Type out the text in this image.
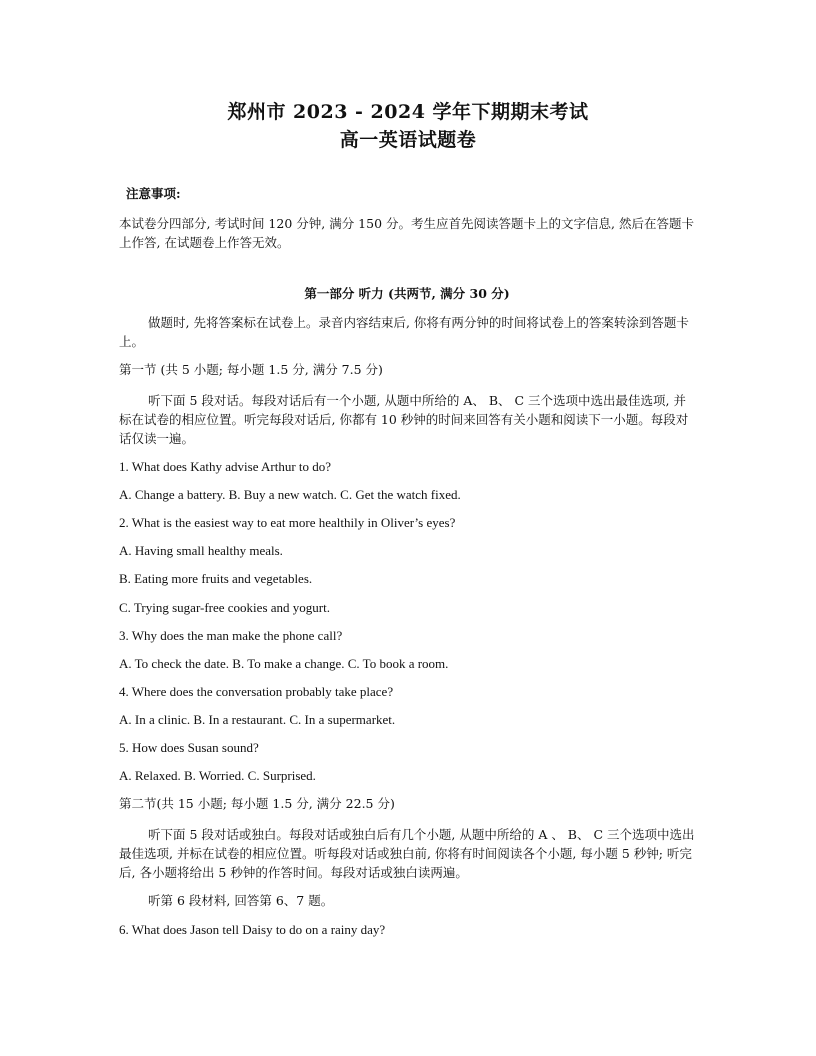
郑州市 2023 - 2024 学年下期期末考试
高一英语试题卷
注意事项:
本试卷分四部分, 考试时间 120 分钟, 满分 150 分。考生应首先阅读答题卡上的文字信息, 然后在答题卡上作答, 在试题卷上作答无效。
第一部分 听力 (共两节, 满分 30 分)
做题时, 先将答案标在试卷上。录音内容结束后, 你将有两分钟的时间将试卷上的答案转涂到答题卡上。
第一节 (共 5 小题; 每小题 1.5 分, 满分 7.5 分)
听下面 5 段对话。每段对话后有一个小题, 从题中所给的 A、 B、 C 三个选项中选出最佳选项, 并标在试卷的相应位置。听完每段对话后, 你都有 10 秒钟的时间来回答有关小题和阅读下一小题。每段对话仅读一遍。
1. What does Kathy advise Arthur to do?
A. Change a battery. B. Buy a new watch. C. Get the watch fixed.
2. What is the easiest way to eat more healthily in Oliver’s eyes?
A. Having small healthy meals.
B. Eating more fruits and vegetables.
C. Trying sugar-free cookies and yogurt.
3. Why does the man make the phone call?
A. To check the date. B. To make a change. C. To book a room.
4. Where does the conversation probably take place?
A. In a clinic. B. In a restaurant. C. In a supermarket.
5. How does Susan sound?
A. Relaxed. B. Worried. C. Surprised.
第二节(共 15 小题; 每小题 1.5 分, 满分 22.5 分)
听下面 5 段对话或独白。每段对话或独白后有几个小题, 从题中所给的 A 、 B、 C 三个选项中选出最佳选项, 并标在试卷的相应位置。听每段对话或独白前, 你将有时间阅读各个小题, 每小题 5 秒钟; 听完后, 各小题将给出 5 秒钟的作答时间。每段对话或独白读两遍。
听第 6 段材料, 回答第 6、7 题。
6. What does Jason tell Daisy to do on a rainy day?
